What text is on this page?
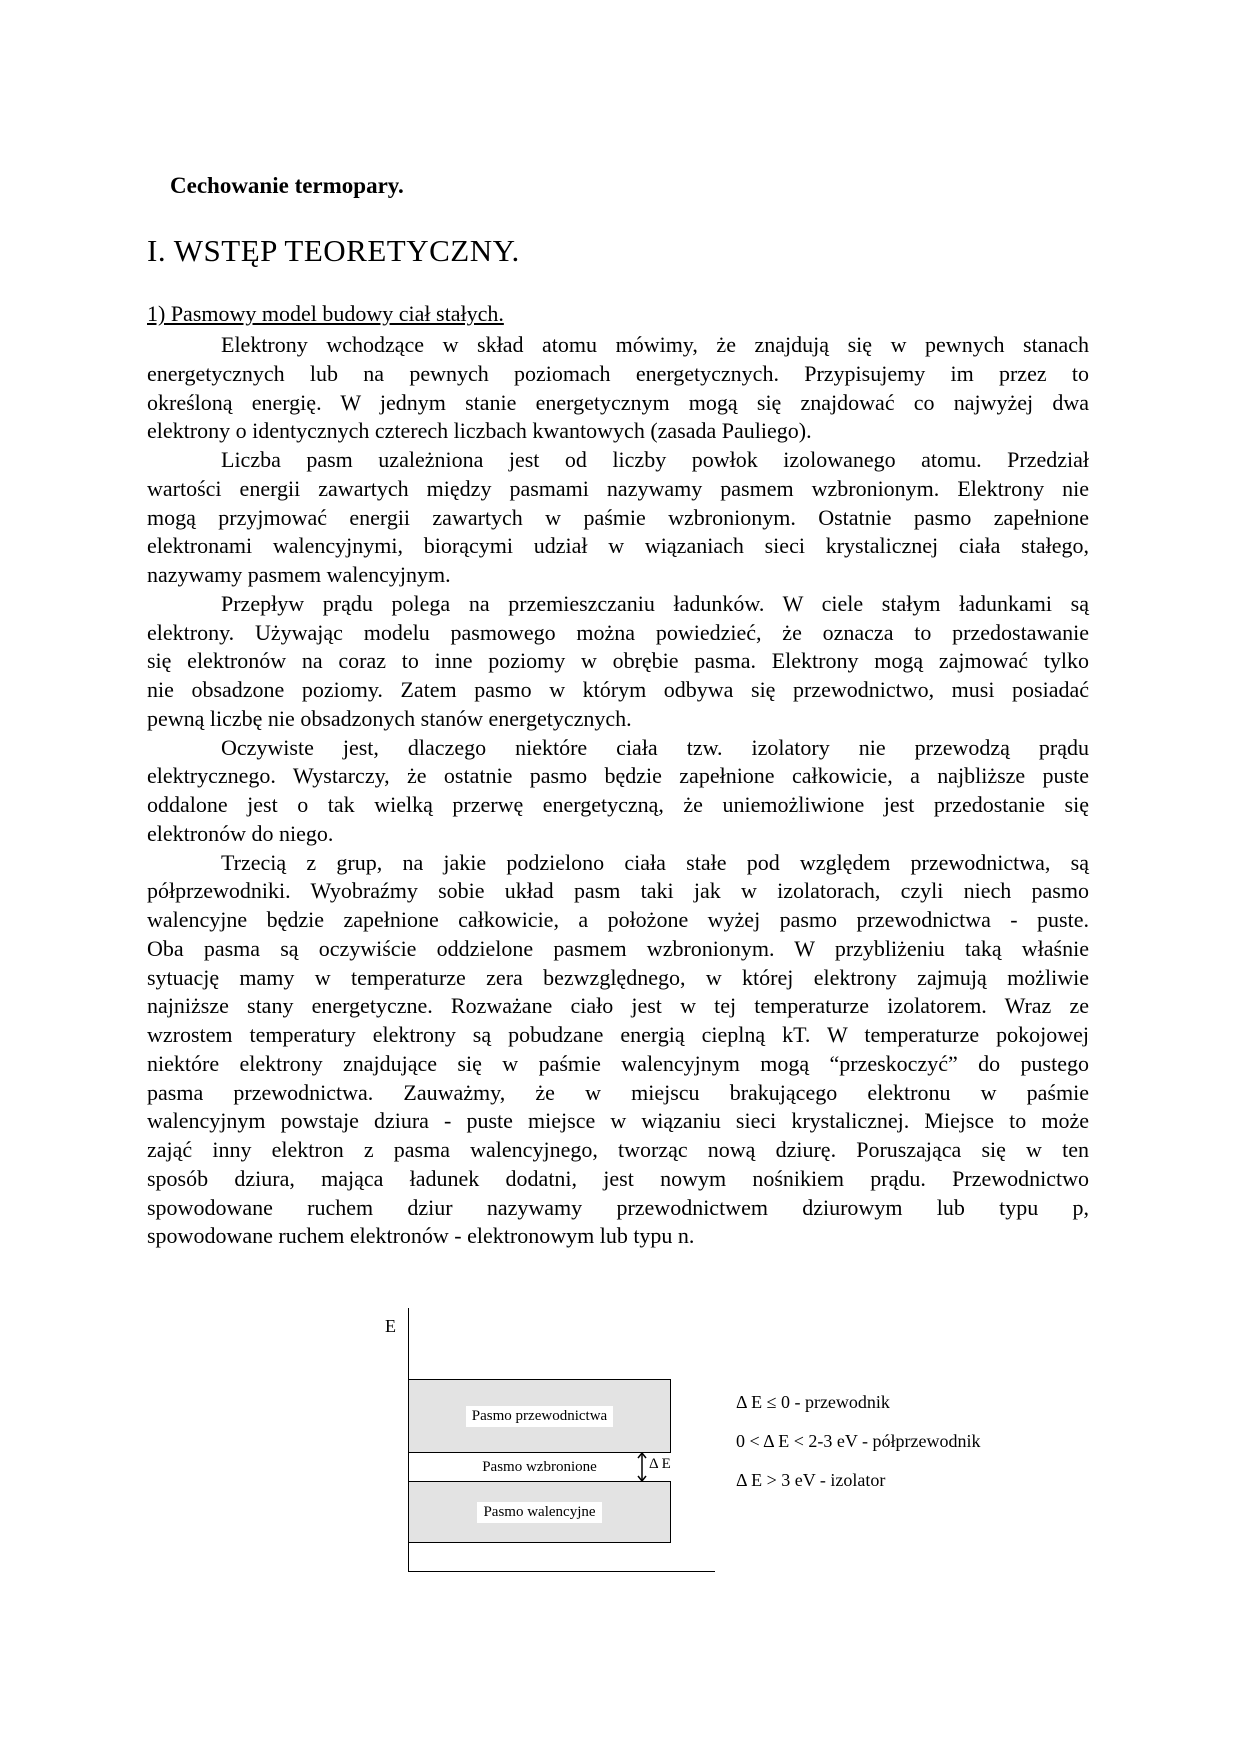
Cechowanie termopary.
I. WSTĘP TEORETYCZNY.
1) Pasmowy model budowy ciał stałych.
Elektrony wchodzące w skład atomu mówimy, że znajdują się w pewnych stanach
energetycznych lub na pewnych poziomach energetycznych. Przypisujemy im przez to
określoną energię. W jednym stanie energetycznym mogą się znajdować co najwyżej dwa
elektrony o identycznych czterech liczbach kwantowych (zasada Pauliego).
Liczba pasm uzależniona jest od liczby powłok izolowanego atomu. Przedział
wartości energii zawartych między pasmami nazywamy pasmem wzbronionym. Elektrony nie
mogą przyjmować energii zawartych w paśmie wzbronionym. Ostatnie pasmo zapełnione
elektronami walencyjnymi, biorącymi udział w wiązaniach sieci krystalicznej ciała stałego,
nazywamy pasmem walencyjnym.
Przepływ prądu polega na przemieszczaniu ładunków. W ciele stałym ładunkami są
elektrony. Używając modelu pasmowego można powiedzieć, że oznacza to przedostawanie
się elektronów na coraz to inne poziomy w obrębie pasma. Elektrony mogą zajmować tylko
nie obsadzone poziomy. Zatem pasmo w którym odbywa się przewodnictwo, musi posiadać
pewną liczbę nie obsadzonych stanów energetycznych.
Oczywiste jest, dlaczego niektóre ciała tzw. izolatory nie przewodzą prądu
elektrycznego. Wystarczy, że ostatnie pasmo będzie zapełnione całkowicie, a najbliższe puste
oddalone jest o tak wielką przerwę energetyczną, że uniemożliwione jest przedostanie się
elektronów do niego.
Trzecią z grup, na jakie podzielono ciała stałe pod względem przewodnictwa, są
półprzewodniki. Wyobraźmy sobie układ pasm taki jak w izolatorach, czyli niech pasmo
walencyjne będzie zapełnione całkowicie, a położone wyżej pasmo przewodnictwa - puste.
Oba pasma są oczywiście oddzielone pasmem wzbronionym. W przybliżeniu taką właśnie
sytuację mamy w temperaturze zera bezwzględnego, w której elektrony zajmują możliwie
najniższe stany energetyczne. Rozważane ciało jest w tej temperaturze izolatorem. Wraz ze
wzrostem temperatury elektrony są pobudzane energią cieplną kT. W temperaturze pokojowej
niektóre elektrony znajdujące się w paśmie walencyjnym mogą “przeskoczyć” do pustego
pasma przewodnictwa. Zauważmy, że w miejscu brakującego elektronu w paśmie
walencyjnym powstaje dziura - puste miejsce w wiązaniu sieci krystalicznej. Miejsce to może
zająć inny elektron z pasma walencyjnego, tworząc nową dziurę. Poruszająca się w ten
sposób dziura, mająca ładunek dodatni, jest nowym nośnikiem prądu. Przewodnictwo
spowodowane ruchem dziur nazywamy przewodnictwem dziurowym lub typu p,
spowodowane ruchem elektronów - elektronowym lub typu n.
E
Pasmo przewodnictwa
Pasmo wzbronione
Pasmo walencyjne
Δ E
Δ E ≤ 0 - przewodnik
0 < Δ E < 2-3 eV - półprzewodnik
Δ E > 3 eV - izolator
